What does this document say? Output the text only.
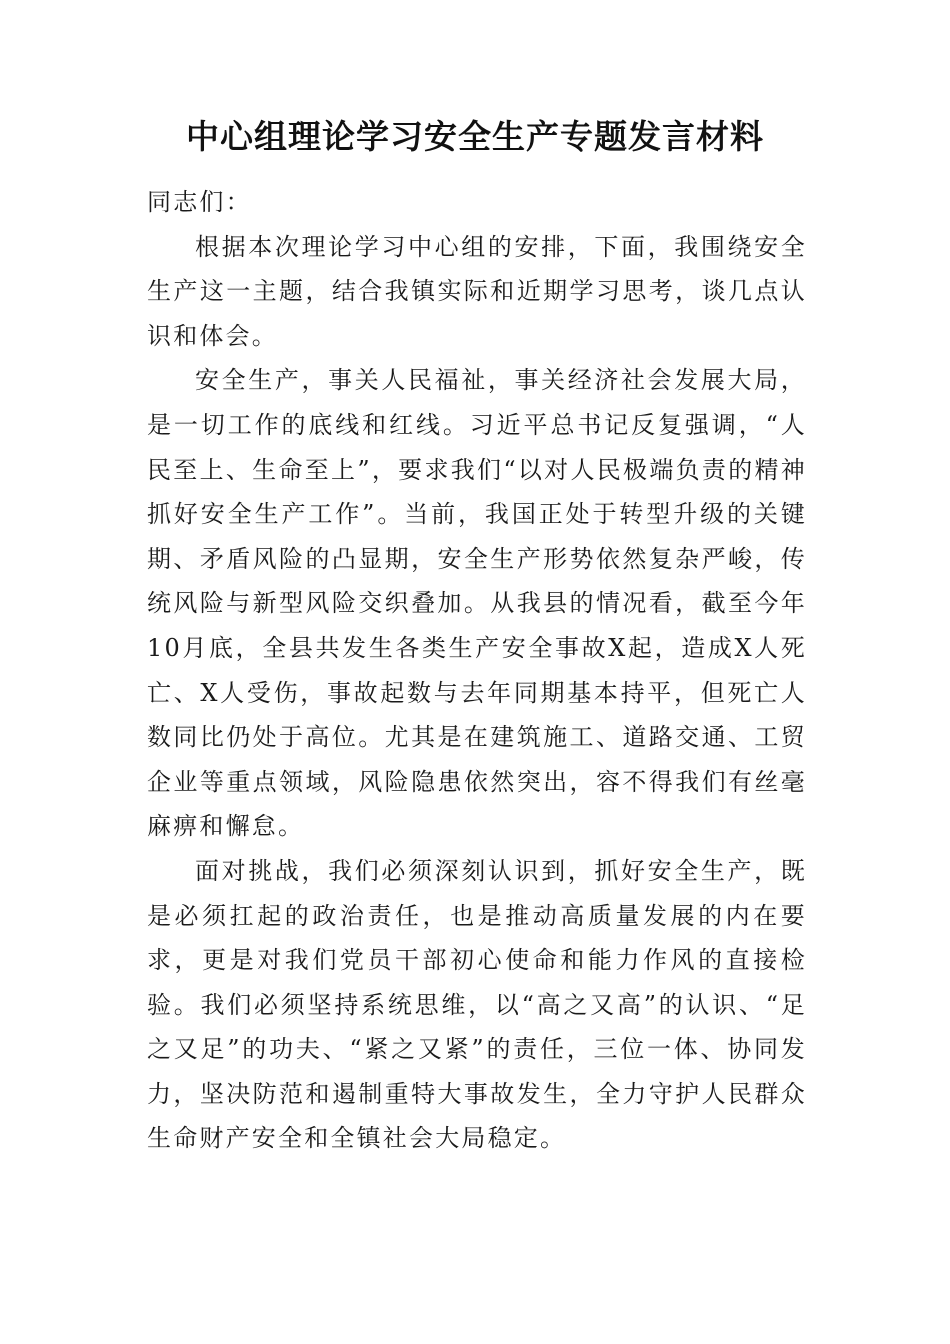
中心组理论学习安全生产专题发言材料

同志们：

根据本次理论学习中心组的安排，下面，我围绕安全生产这一主题，结合我镇实际和近期学习思考，谈几点认识和体会。

安全生产，事关人民福祉，事关经济社会发展大局，是一切工作的底线和红线。习近平总书记反复强调，“人民至上、生命至上”，要求我们“以对人民极端负责的精神抓好安全生产工作”。当前，我国正处于转型升级的关键期、矛盾风险的凸显期，安全生产形势依然复杂严峻，传统风险与新型风险交织叠加。从我县的情况看，截至今年10月底，全县共发生各类生产安全事故X起，造成X人死亡、X人受伤，事故起数与去年同期基本持平，但死亡人数同比仍处于高位。尤其是在建筑施工、道路交通、工贸企业等重点领域，风险隐患依然突出，容不得我们有丝毫麻痹和懈怠。

面对挑战，我们必须深刻认识到，抓好安全生产，既是必须扛起的政治责任，也是推动高质量发展的内在要求，更是对我们党员干部初心使命和能力作风的直接检验。我们必须坚持系统思维，以“高之又高”的认识、“足之又足”的功夫、“紧之又紧”的责任，三位一体、协同发力，坚决防范和遏制重特大事故发生，全力守护人民群众生命财产安全和全镇社会大局稳定。
